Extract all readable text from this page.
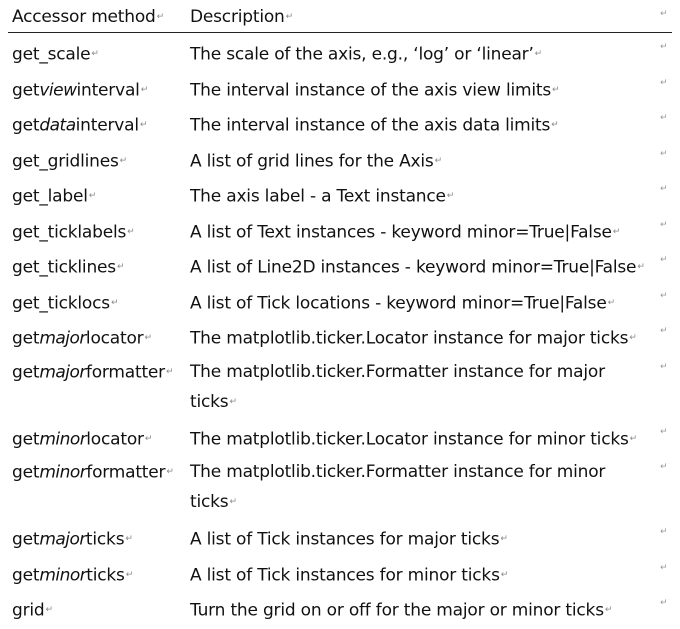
Accessor method↵	Description↵	↵

get_scale↵	The scale of the axis, e.g., ‘log’ or ‘linear’↵	↵

getviewinterval↵	The interval instance of the axis view limits↵	↵

getdatainterval↵	The interval instance of the axis data limits↵	↵

get_gridlines↵	A list of grid lines for the Axis↵	↵

get_label↵	The axis label - a Text instance↵	↵

get_ticklabels↵	A list of Text instances - keyword minor=True|False↵	↵

get_ticklines↵	A list of Line2D instances - keyword minor=True|False↵	↵

get_ticklocs↵	A list of Tick locations - keyword minor=True|False↵	↵

getmajorlocator↵	The matplotlib.ticker.Locator instance for major ticks↵	↵

getmajorformatter↵	The matplotlib.ticker.Formatter instance for major
ticks↵	↵

getminorlocator↵	The matplotlib.ticker.Locator instance for minor ticks↵	↵

getminorformatter↵	The matplotlib.ticker.Formatter instance for minor
ticks↵	↵

getmajorticks↵	A list of Tick instances for major ticks↵	↵

getminorticks↵	A list of Tick instances for minor ticks↵	↵

grid↵	Turn the grid on or off for the major or minor ticks↵	↵
